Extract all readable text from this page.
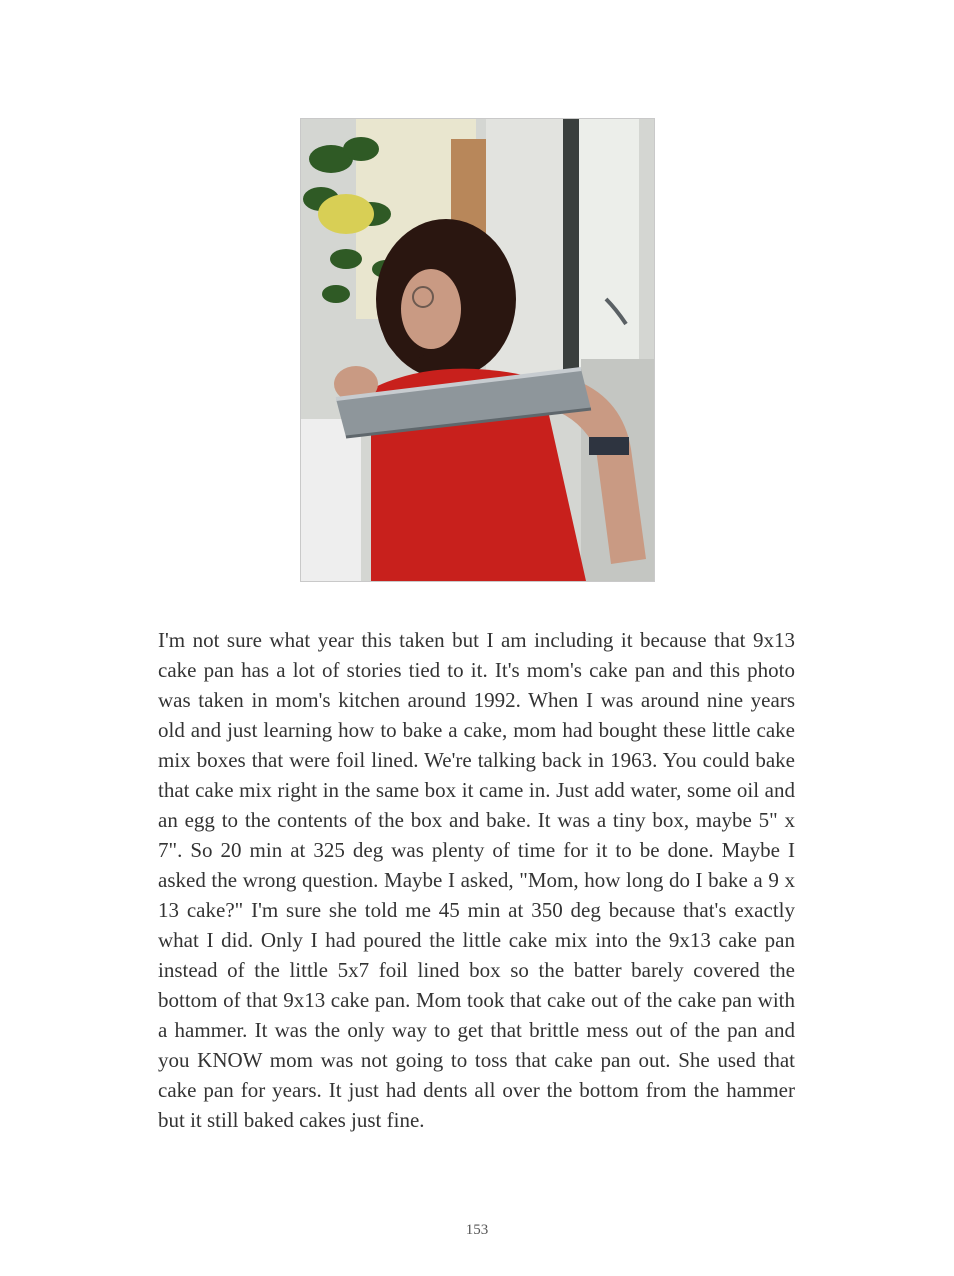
I'm not sure what year this taken but I am including it because that 9x13 cake pan has a lot of stories tied to it. It's mom's cake pan and this photo was taken in mom's kitchen around 1992. When I was around nine years old and just learning how to bake a cake, mom had bought these little cake mix boxes that were foil lined. We're talking back in 1963. You could bake that cake mix right in the same box it came in. Just add water, some oil and an egg to the contents of the box and bake. It was a tiny box, maybe 5" x 7". So 20 min at 325 deg was plenty of time for it to be done. Maybe I asked the wrong question. Maybe I asked, "Mom, how long do I bake a 9 x 13 cake?" I'm sure she told me 45 min at 350 deg because that's exactly what I did. Only I had poured the little cake mix into the 9x13 cake pan instead of the little 5x7 foil lined box so the batter barely covered the bottom of that 9x13 cake pan. Mom took that cake out of the cake pan with a hammer. It was the only way to get that brittle mess out of the pan and you KNOW mom was not going to toss that cake pan out. She used that cake pan for years. It just had dents all over the bottom from the hammer but it still baked cakes just fine.

153
